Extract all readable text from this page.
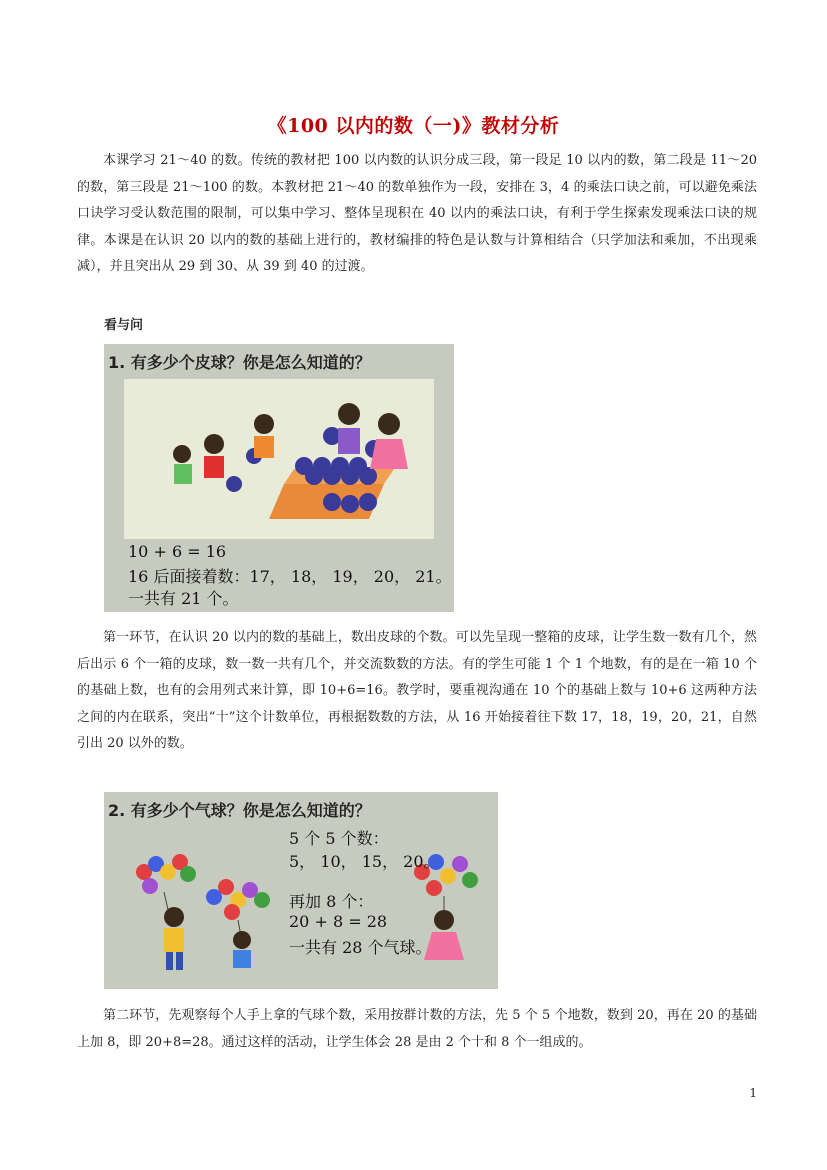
《100 以内的数（一)》教材分析

本课学习 21～40 的数。传统的教材把 100 以内数的认识分成三段，第一段足 10 以内的数，第二段是 11～20 的数，第三段是 21～100 的数。本教材把 21～40 的数单独作为一段，安排在 3，4 的乘法口诀之前，可以避免乘法口诀学习受认数范围的限制，可以集中学习、整体呈现积在 40 以内的乘法口诀，有利于学生探索发现乘法口诀的规律。本课是在认识 20 以内的数的基础上进行的，教材编排的特色是认数与计算相结合（只学加法和乘加，不出现乘减），并且突出从 29 到 30、从 39 到 40 的过渡。

看与问
1. 有多少个皮球？你是怎么知道的？
10 + 6 = 16
16 后面接着数：17， 18， 19， 20， 21。
一共有 21 个。

第一环节，在认识 20 以内的数的基础上，数出皮球的个数。可以先呈现一整箱的皮球，让学生数一数有几个，然后出示 6 个一箱的皮球，数一数一共有几个，并交流数数的方法。有的学生可能 1 个 1 个地数，有的是在一箱 10 个的基础上数，也有的会用列式来计算，即 10+6=16。教学时，要重视沟通在 10 个的基础上数与 10+6 这两种方法之间的内在联系，突出“十”这个计数单位，再根据数数的方法，从 16 开始接着往下数 17，18，19，20，21，自然引出 20 以外的数。

2. 有多少个气球？你是怎么知道的？
5 个 5 个数：
5， 10， 15， 20。
再加 8 个：
20 + 8 = 28
一共有 28 个气球。

第二环节，先观察每个人手上拿的气球个数，采用按群计数的方法，先 5 个 5 个地数，数到 20，再在 20 的基础上加 8，即 20+8=28。通过这样的活动，让学生体会 28 是由 2 个十和 8 个一组成的。

1
